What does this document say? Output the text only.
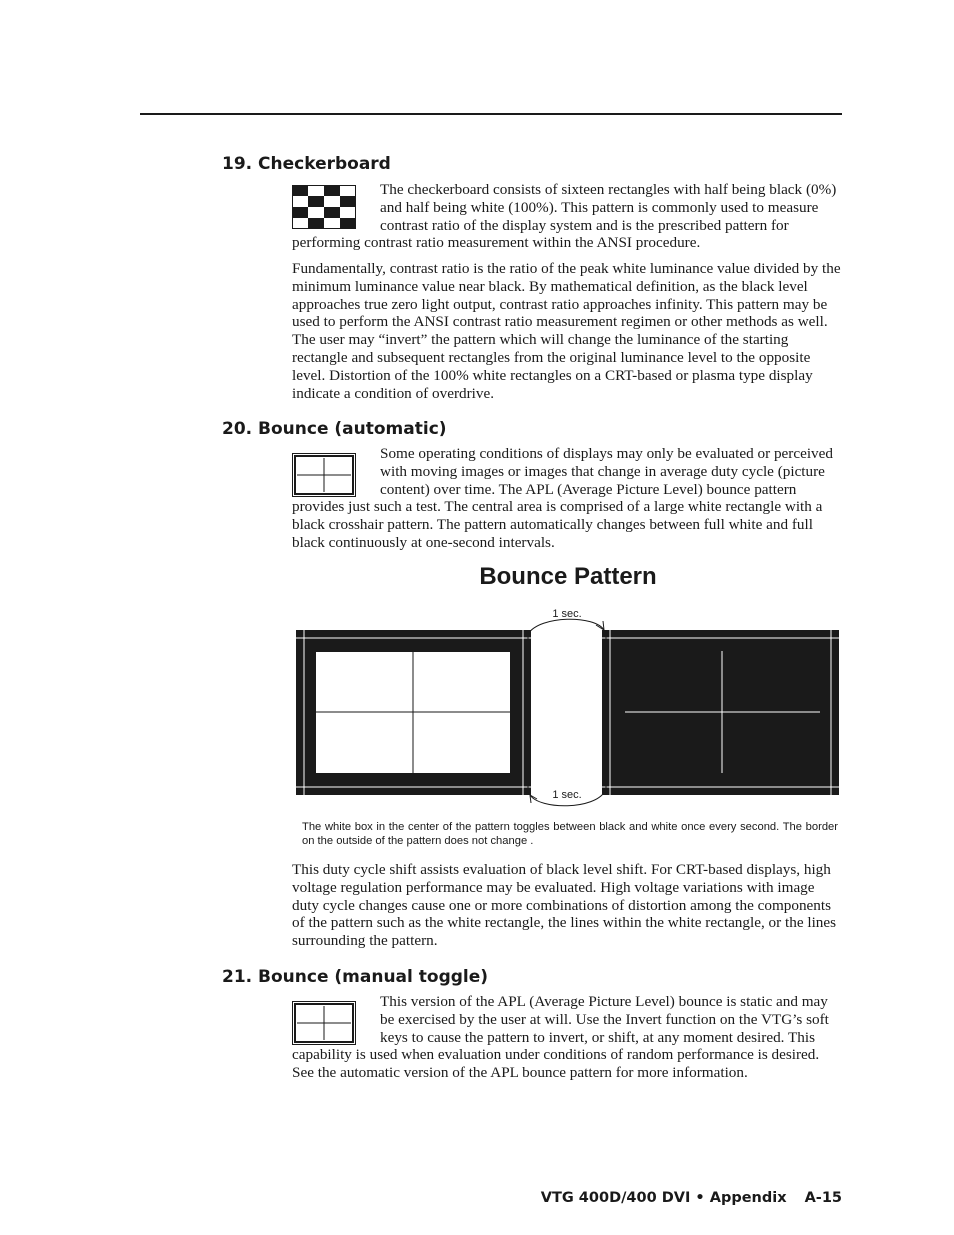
19. Checkerboard
The checkerboard consists of sixteen rectangles with half being black (0%) and half being white (100%). This pattern is commonly used to measure contrast ratio of the display system and is the prescribed pattern for performing contrast ratio measurement within the ANSI procedure.

Fundamentally, contrast ratio is the ratio of the peak white luminance value divided by the minimum luminance value near black. By mathematical definition, as the black level approaches true zero light output, contrast ratio approaches infinity. This pattern may be used to perform the ANSI contrast ratio measurement regimen or other methods as well. The user may “invert” the pattern which will change the luminance of the starting rectangle and subsequent rectangles from the original luminance level to the opposite level. Distortion of the 100% white rectangles on a CRT-based or plasma type display indicate a condition of overdrive.

20. Bounce (automatic)
Some operating conditions of displays may only be evaluated or perceived with moving images or images that change in average duty cycle (picture content) over time. The APL (Average Picture Level) bounce pattern provides just such a test. The central area is comprised of a large white rectangle with a black crosshair pattern. The pattern automatically changes between full white and full black continuously at one-second intervals.
Bounce Pattern
1 sec.
1 sec.

The white box in the center of the pattern toggles between black and white once every second. The border on the outside of the pattern does not change .

This duty cycle shift assists evaluation of black level shift. For CRT-based displays, high voltage regulation performance may be evaluated. High voltage variations with image duty cycle changes cause one or more combinations of distortion among the components of the pattern such as the white rectangle, the lines within the white rectangle, or the lines surrounding the pattern.

21. Bounce (manual toggle)
This version of the APL (Average Picture Level) bounce is static and may be exercised by the user at will. Use the Invert function on the VTG’s soft keys to cause the pattern to invert, or shift, at any moment desired. This capability is used when evaluation under conditions of random performance is desired. See the automatic version of the APL bounce pattern for more information.
VTG 400D/400 DVI • Appendix A-15
